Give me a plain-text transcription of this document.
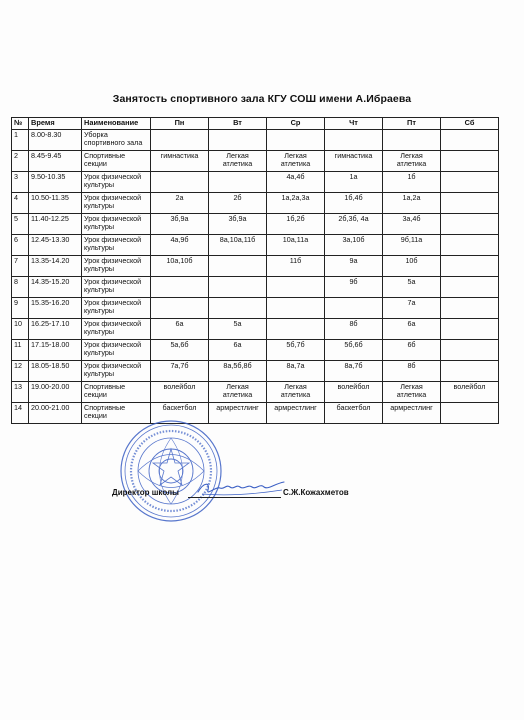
Занятость спортивного зала КГУ СОШ имени А.Ибраева
№	Время	Наименование	Пн	Вт	Ср	Чт	Пт	Сб
1	8.00-8.30	Уборка спортивного зала						
2	8.45-9.45	Спортивные секции	гимнастика	Легкая атлетика	Легкая атлетика	гимнастика	Легкая атлетика	
3	9.50-10.35	Урок физической культуры			4а,4б	1а	1б	
4	10.50-11.35	Урок физической культуры	2а	2б	1а,2а,3а	1б,4б	1а,2а	
5	11.40-12.25	Урок физической культуры	3б,9а	3б,9а	1б,2б	2б,3б, 4а	3а,4б	
6	12.45-13.30	Урок физической культуры	4а,9б	8а,10а,11б	10а,11а	3а,10б	9б,11а	
7	13.35-14.20	Урок физической культуры	10а,10б		11б	9а	10б	
8	14.35-15.20	Урок физической культуры				9б	5а	
9	15.35-16.20	Урок физической культуры					7а	
10	16.25-17.10	Урок физической культуры	6а	5а		8б	6а	
11	17.15-18.00	Урок физической культуры	5а,6б	6а	5б,7б	5б,6б	6б	
12	18.05-18.50	Урок физической культуры	7а,7б	8а,5б,8б	8а,7а	8а,7б	8б	
13	19.00-20.00	Спортивные секции	волейбол	Легкая атлетика	Легкая атлетика	волейбол	Легкая атлетика	волейбол
14	20.00-21.00	Спортивные секции	баскетбол	армрестлинг	армрестлинг	баскетбол	армрестлинг	
Директор школы	С.Ж.Кожахметов
